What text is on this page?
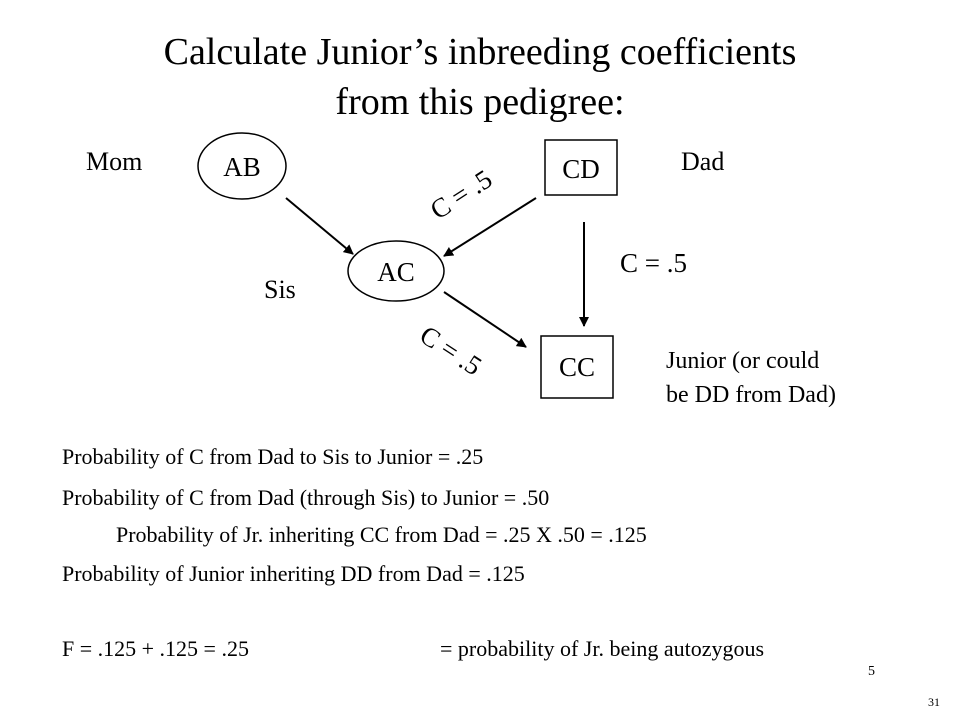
Calculate Junior’s inbreeding coefficients
from this pedigree:
AB	CD
AC
CC
C = .5
C = .5
C = .5
Mom	Dad
Sis
Junior (or could
be DD from Dad)
Probability of C from Dad to Sis to Junior = .25
Probability of C from Dad (through Sis) to Junior = .50
Probability of Jr. inheriting CC from Dad = .25 X .50 = .125
Probability of Junior inheriting DD from Dad = .125
F = .125 + .125 = .25	= probability of Jr. being autozygous
5
31
